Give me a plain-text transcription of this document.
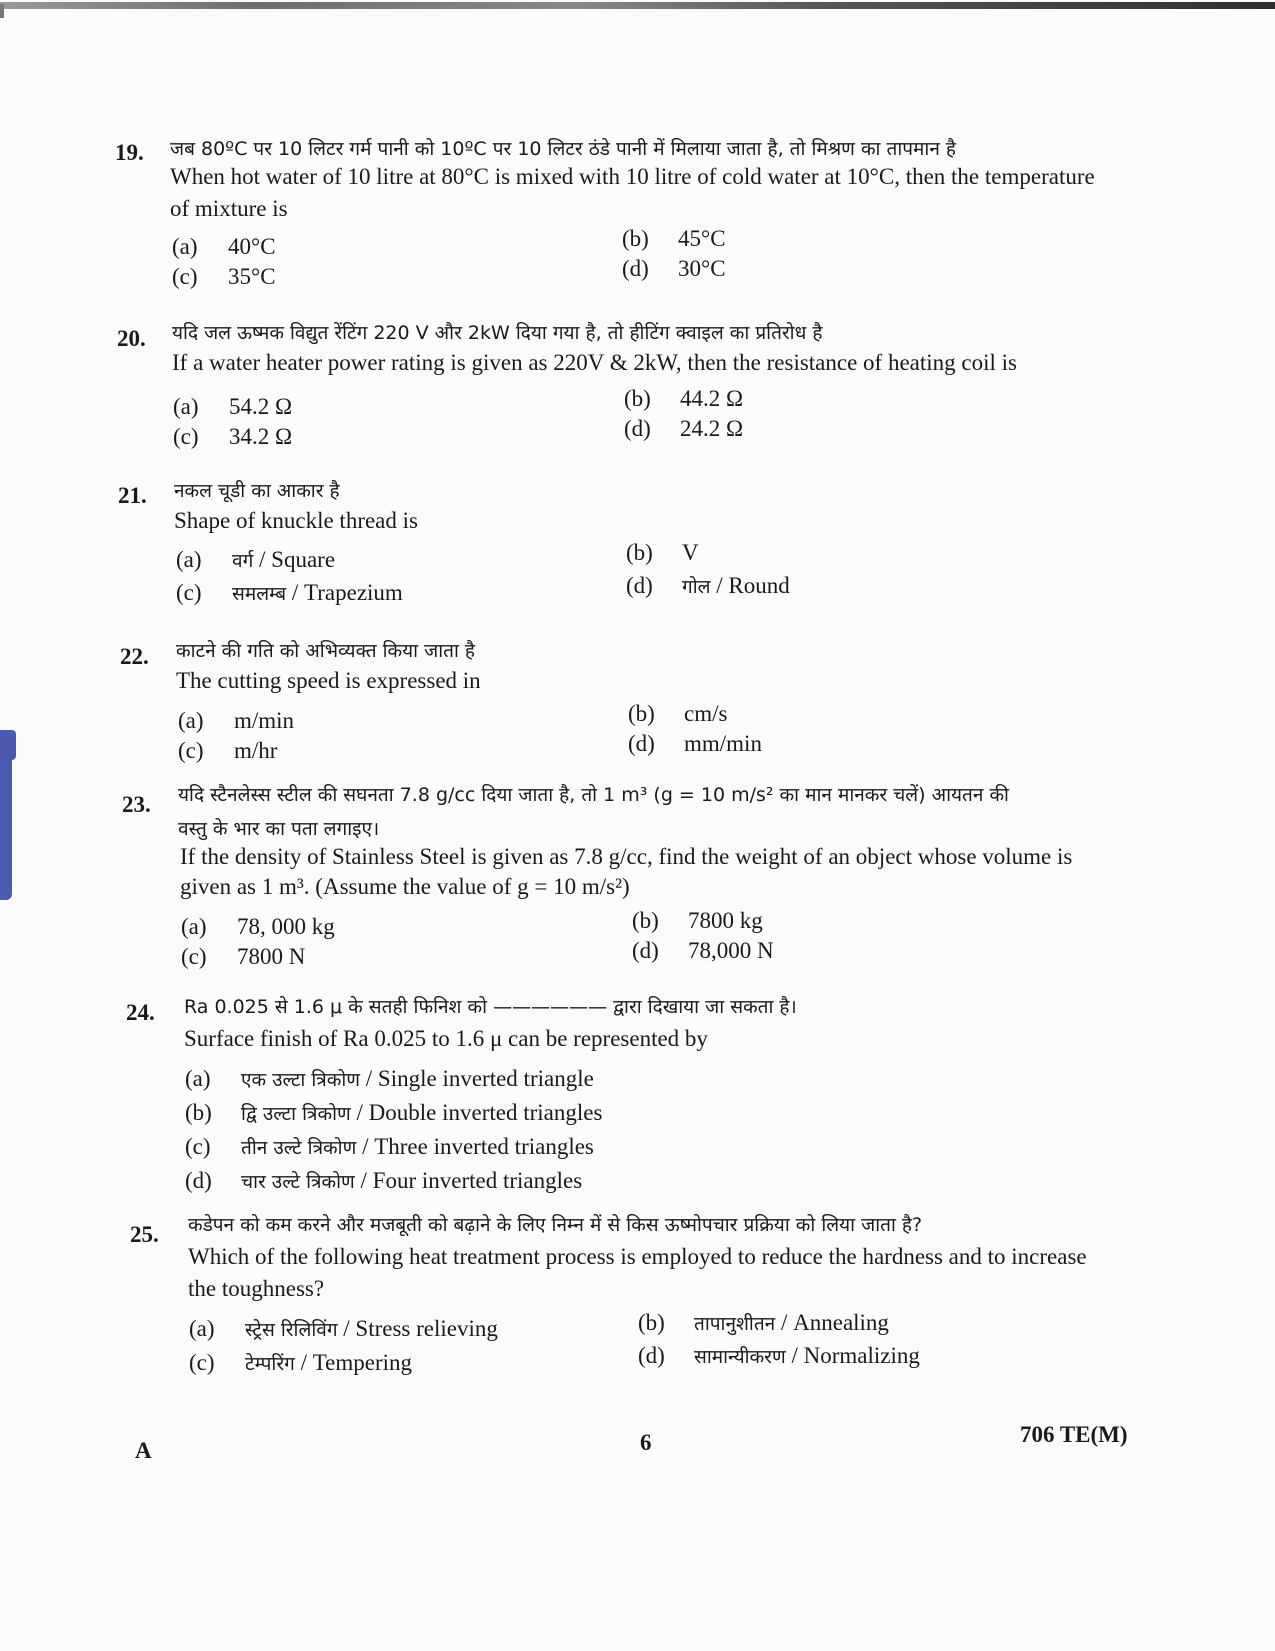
19. जब 80ºC पर 10 लिटर गर्म पानी को 10ºC पर 10 लिटर ठंडे पानी में मिलाया जाता है, तो मिश्रण का तापमान है
When hot water of 10 litre at 80°C is mixed with 10 litre of cold water at 10°C, then the temperature
of mixture is
(a) 40°C	(b) 45°C
(c) 35°C	(d) 30°C
20. यदि जल ऊष्मक विद्युत रेंटिंग 220 V और 2kW दिया गया है, तो हीटिंग क्वाइल का प्रतिरोध है
If a water heater power rating is given as 220V & 2kW, then the resistance of heating coil is
(a) 54.2 Ω	(b) 44.2 Ω
(c) 34.2 Ω	(d) 24.2 Ω
21. नकल चूडी का आकार है
Shape of knuckle thread is
(a) वर्ग / Square	(b) V
(c) समलम्ब / Trapezium	(d) गोल / Round
22. काटने की गति को अभिव्यक्त किया जाता है
The cutting speed is expressed in
(a) m/min	(b) cm/s
(c) m/hr	(d) mm/min
23. यदि स्टैनलेस्स स्टील की सघनता 7.8 g/cc दिया जाता है, तो 1 m³ (g = 10 m/s² का मान मानकर चलें) आयतन की
वस्तु के भार का पता लगाइए।
If the density of Stainless Steel is given as 7.8 g/cc, find the weight of an object whose volume is
given as 1 m³. (Assume the value of g = 10 m/s²)
(a) 78, 000 kg	(b) 7800 kg
(c) 7800 N	(d) 78,000 N
24. Ra 0.025 से 1.6 μ के सतही फिनिश को —————— द्वारा दिखाया जा सकता है।
Surface finish of Ra 0.025 to 1.6 μ can be represented by
(a) एक उल्टा त्रिकोण / Single inverted triangle
(b) द्वि उल्टा त्रिकोण / Double inverted triangles
(c) तीन उल्टे त्रिकोण / Three inverted triangles
(d) चार उल्टे त्रिकोण / Four inverted triangles
25. कडेपन को कम करने और मजबूती को बढ़ाने के लिए निम्न में से किस ऊष्मोपचार प्रक्रिया को लिया जाता है?
Which of the following heat treatment process is employed to reduce the hardness and to increase
the toughness?
(a) स्ट्रेस रिलिविंग / Stress relieving	(b) तापानुशीतन / Annealing
(c) टेम्परिंग / Tempering	(d) सामान्यीकरण / Normalizing
A	6	706 TE(M)
